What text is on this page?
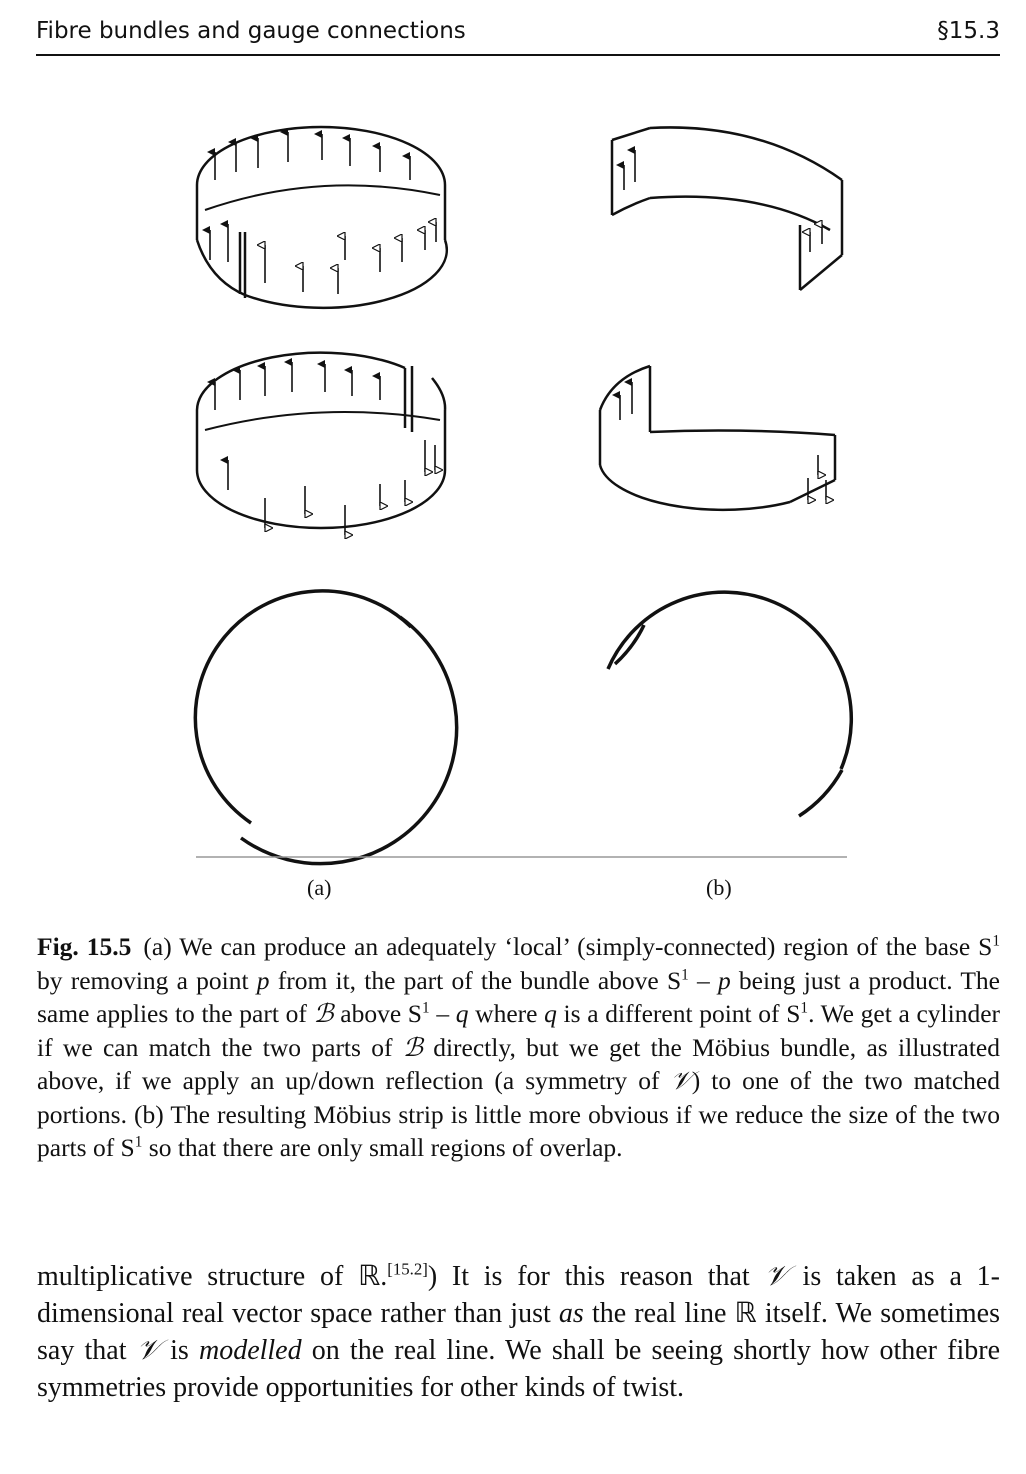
Fibre bundles and gauge connections	§15.3
(a)	(b)
Fig. 15.5 (a) We can produce an adequately ‘local’ (simply-connected) region of the base $S^1$ by removing a point p from it, the part of the bundle above $S^1$ – p being just a product. The same applies to the part of ℬ above $S^1$ – q where q is a different point of $S^1$. We get a cylinder if we can match the two parts of ℬ directly, but we get the Möbius bundle, as illustrated above, if we apply an up/down reflection (a symmetry of 𝒱) to one of the two matched portions. (b) The resulting Möbius strip is little more obvious if we reduce the size of the two parts of $S^1$ so that there are only small regions of overlap.
multiplicative structure of ℝ.[15.2]) It is for this reason that 𝒱 is taken as a 1-dimensional real vector space rather than just as the real line ℝ itself. We sometimes say that 𝒱 is modelled on the real line. We shall be seeing shortly how other fibre symmetries provide opportunities for other kinds of twist.
